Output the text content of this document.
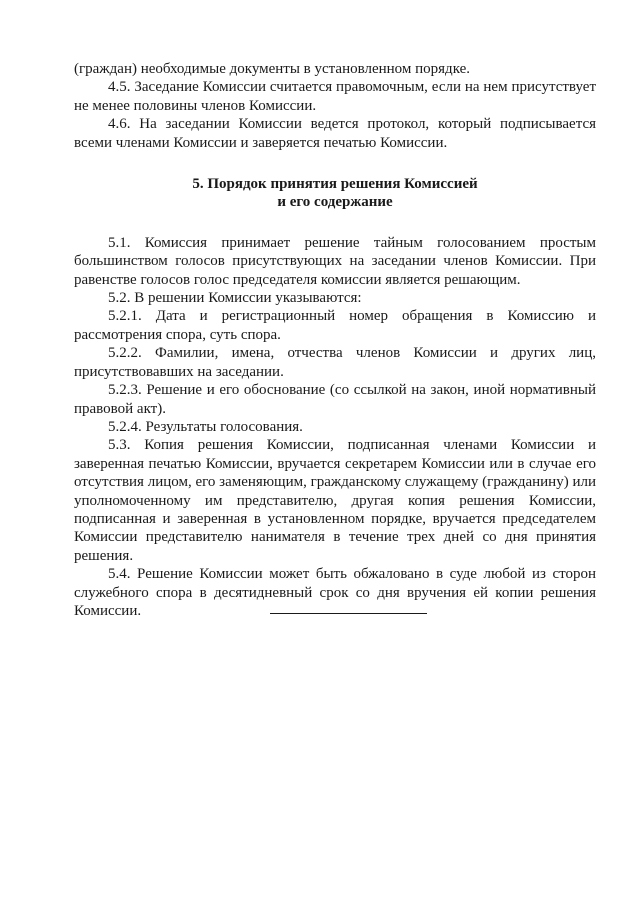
(граждан) необходимые документы в установленном порядке.

4.5. Заседание Комиссии считается правомочным, если на нем присутствует не менее половины членов Комиссии.

4.6. На заседании Комиссии ведется протокол, который подписывается всеми членами Комиссии и заверяется печатью Комиссии.

5. Порядок принятия решения Комиссией
и его содержание

5.1. Комиссия принимает решение тайным голосованием простым большинством голосов присутствующих на заседании членов Комиссии. При равенстве голосов голос председателя комиссии является решающим.

5.2. В решении Комиссии указываются:

5.2.1. Дата и регистрационный номер обращения в Комиссию и рассмотрения спора, суть спора.

5.2.2. Фамилии, имена, отчества членов Комиссии и других лиц, присутствовавших на заседании.

5.2.3. Решение и его обоснование (со ссылкой на закон, иной нормативный правовой акт).

5.2.4. Результаты голосования.

5.3. Копия решения Комиссии, подписанная членами Комиссии и заверенная печатью Комиссии, вручается секретарем Комиссии или в случае его отсутствия лицом, его заменяющим, гражданскому служащему (гражданину) или уполномоченному им представителю, другая копия решения Комиссии, подписанная и заверенная в установленном порядке, вручается председателем Комиссии представителю нанимателя в течение трех дней со дня принятия решения.

5.4. Решение Комиссии может быть обжаловано в суде любой из сторон служебного спора в десятидневный срок со дня вручения ей копии решения Комиссии.
